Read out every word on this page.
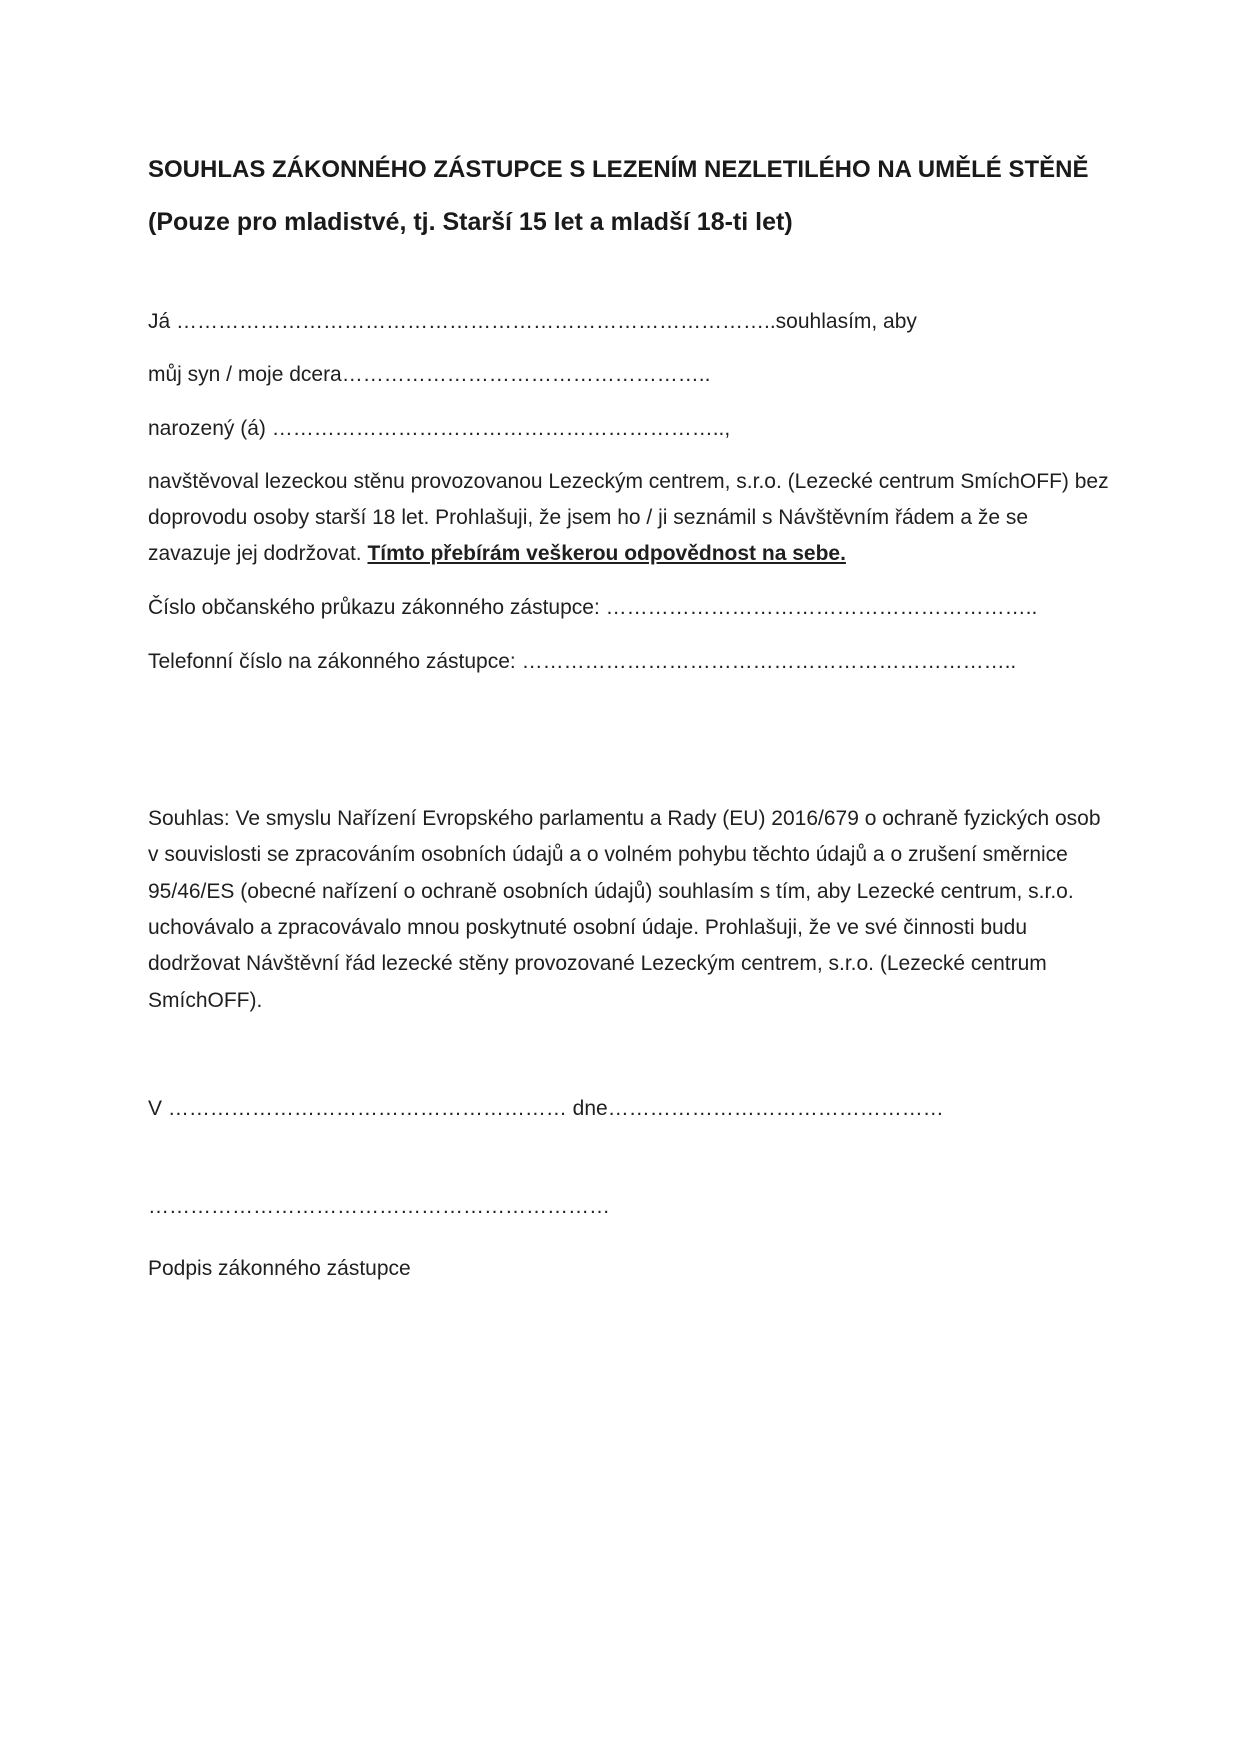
SOUHLAS ZÁKONNÉHO ZÁSTUPCE S LEZENÍM NEZLETILÉHO NA UMĚLÉ STĚNĚ
(Pouze pro mladistvé, tj. Starší 15 let a mladší 18-ti let)
Já …………………………………………………………………………..souhlasím, aby
můj syn / moje dcera……………………………………………..
narozený (á) ………………………………………………………..,
navštěvoval lezeckou stěnu provozovanou Lezeckým centrem, s.r.o. (Lezecké centrum SmíchOFF) bez
doprovodu osoby starší 18 let. Prohlašuji, že jsem ho / ji seznámil s Návštěvním řádem a že se
zavazuje jej dodržovat. Tímto přebírám veškerou odpovědnost na sebe.
Číslo občanského průkazu zákonného zástupce: ……………………………………………………..
Telefonní číslo na zákonného zástupce: ……………………………………………………………..
Souhlas: Ve smyslu Nařízení Evropského parlamentu a Rady (EU) 2016/679 o ochraně fyzických osob
v souvislosti se zpracováním osobních údajů a o volném pohybu těchto údajů a o zrušení směrnice
95/46/ES (obecné nařízení o ochraně osobních údajů) souhlasím s tím, aby Lezecké centrum, s.r.o.
uchovávalo a zpracovávalo mnou poskytnuté osobní údaje. Prohlašuji, že ve své činnosti budu
dodržovat Návštěvní řád lezecké stěny provozované Lezeckým centrem, s.r.o. (Lezecké centrum
SmíchOFF).
V ………………………………………………… dne…………………………………………
…………………………………………………………
Podpis zákonného zástupce
